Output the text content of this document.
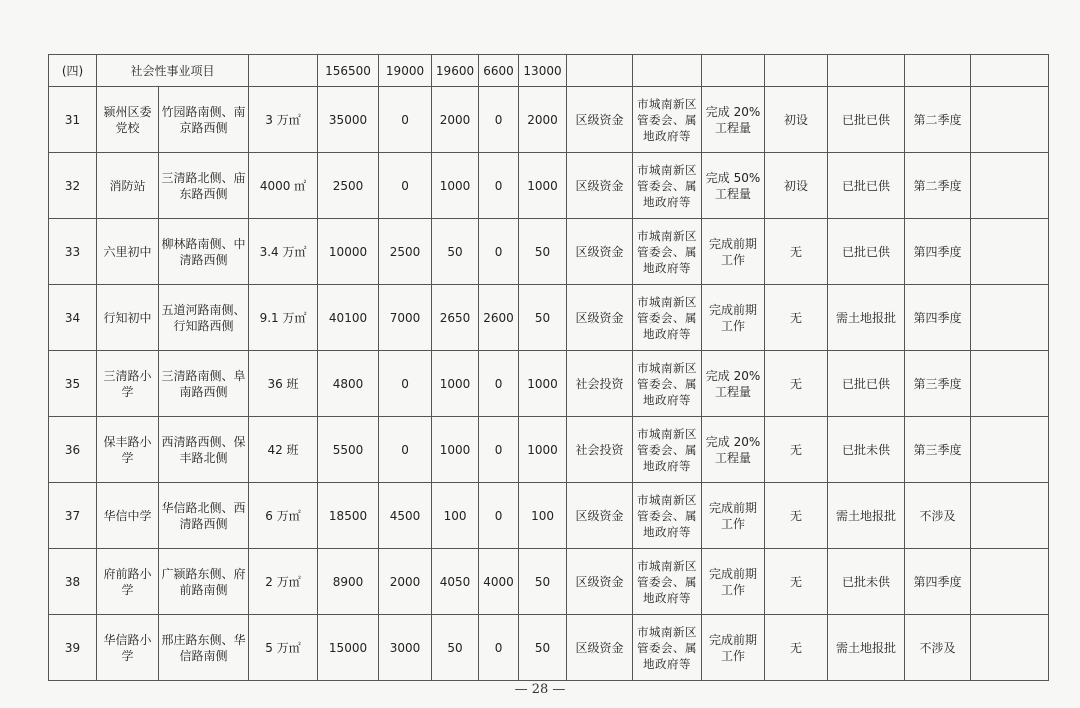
(四)	社会性事业项目			156500	19000	19600	6600	13000							
31	颍州区委党校	竹园路南侧、南京路西侧	3 万㎡	35000	0	2000	0	2000	区级资金	市城南新区管委会、属地政府等	完成 20% 工程量	初设	已批已供	第二季度	
32	消防站	三清路北侧、庙东路西侧	4000 ㎡	2500	0	1000	0	1000	区级资金	市城南新区管委会、属地政府等	完成 50% 工程量	初设	已批已供	第二季度	
33	六里初中	柳林路南侧、中清路西侧	3.4 万㎡	10000	2500	50	0	50	区级资金	市城南新区管委会、属地政府等	完成前期工作	无	已批已供	第四季度	
34	行知初中	五道河路南侧、行知路西侧	9.1 万㎡	40100	7000	2650	2600	50	区级资金	市城南新区管委会、属地政府等	完成前期工作	无	需土地报批	第四季度	
35	三清路小学	三清路南侧、阜南路西侧	36 班	4800	0	1000	0	1000	社会投资	市城南新区管委会、属地政府等	完成 20% 工程量	无	已批已供	第三季度	
36	保丰路小学	西清路西侧、保丰路北侧	42 班	5500	0	1000	0	1000	社会投资	市城南新区管委会、属地政府等	完成 20% 工程量	无	已批未供	第三季度	
37	华信中学	华信路北侧、西清路西侧	6 万㎡	18500	4500	100	0	100	区级资金	市城南新区管委会、属地政府等	完成前期工作	无	需土地报批	不涉及	
38	府前路小学	广颍路东侧、府前路南侧	2 万㎡	8900	2000	4050	4000	50	区级资金	市城南新区管委会、属地政府等	完成前期工作	无	已批未供	第四季度	
39	华信路小学	邢庄路东侧、华信路南侧	5 万㎡	15000	3000	50	0	50	区级资金	市城南新区管委会、属地政府等	完成前期工作	无	需土地报批	不涉及	
— 28 —
